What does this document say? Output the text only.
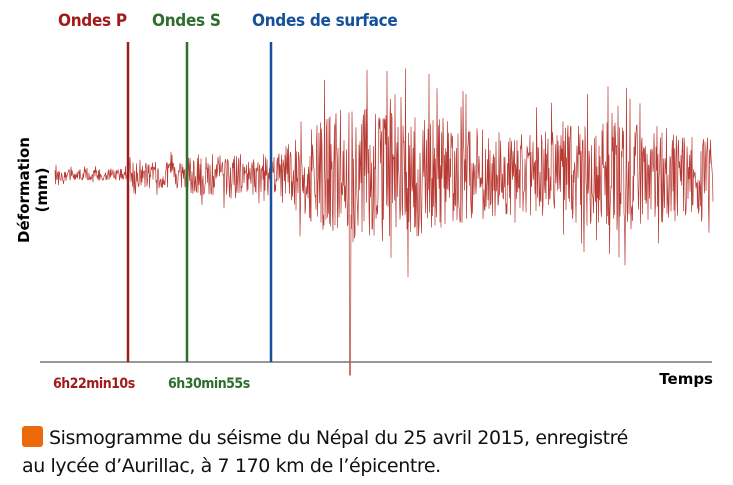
Ondes P Ondes S Ondes de surface
6h22min10s 6h30min55s
Déformation (mm)
Temps
Sismogramme du séisme du Népal du 25 avril 2015, enregistré
au lycée d’Aurillac, à 7 170 km de l’épicentre.
